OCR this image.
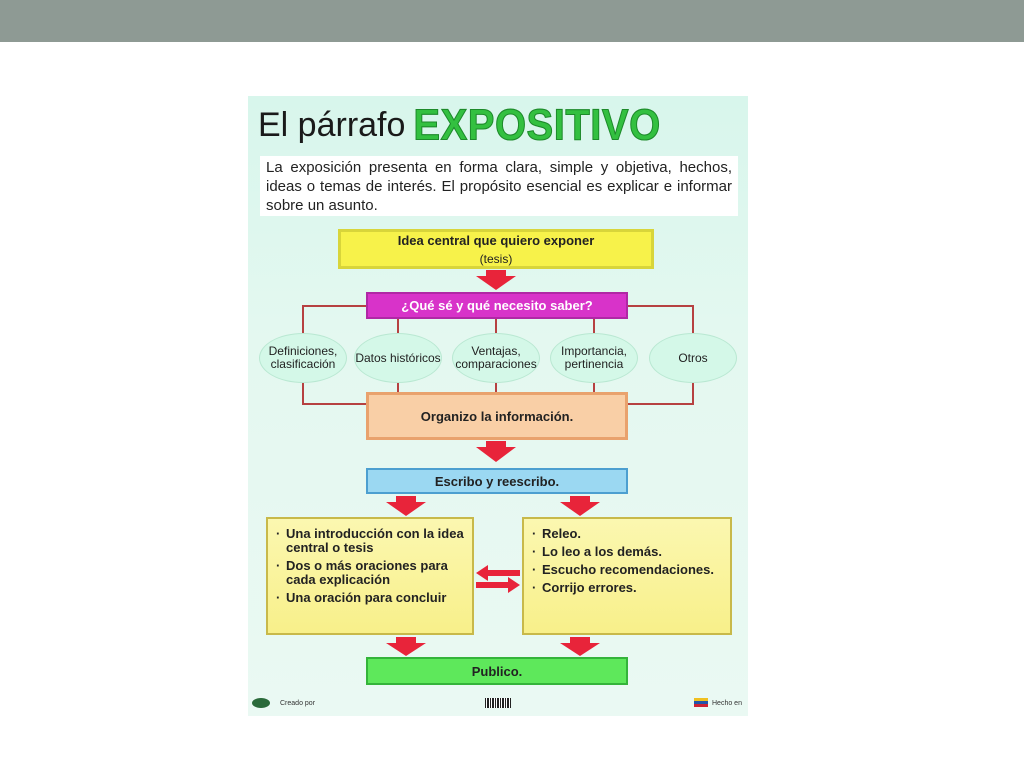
El párrafo EXPOSITIVO
La exposición presenta en forma clara, simple y objetiva, hechos, ideas o temas de interés. El propósito esencial es explicar e informar sobre un asunto.
Idea central que quiero exponer
(tesis)
¿Qué sé y qué necesito saber?
Definiciones, clasificación	Datos históricos	Ventajas, comparaciones
Importancia, pertinencia	Otros
Organizo la información.
Escribo y reescribo.
· Una introducción con la idea central o tesis
· Dos o más oraciones para cada explicación
· Una oración para concluir
· Releo.
· Lo leo a los demás.
· Escucho recomendaciones.
· Corrijo errores.
Publico.
Creado por	Hecho en
